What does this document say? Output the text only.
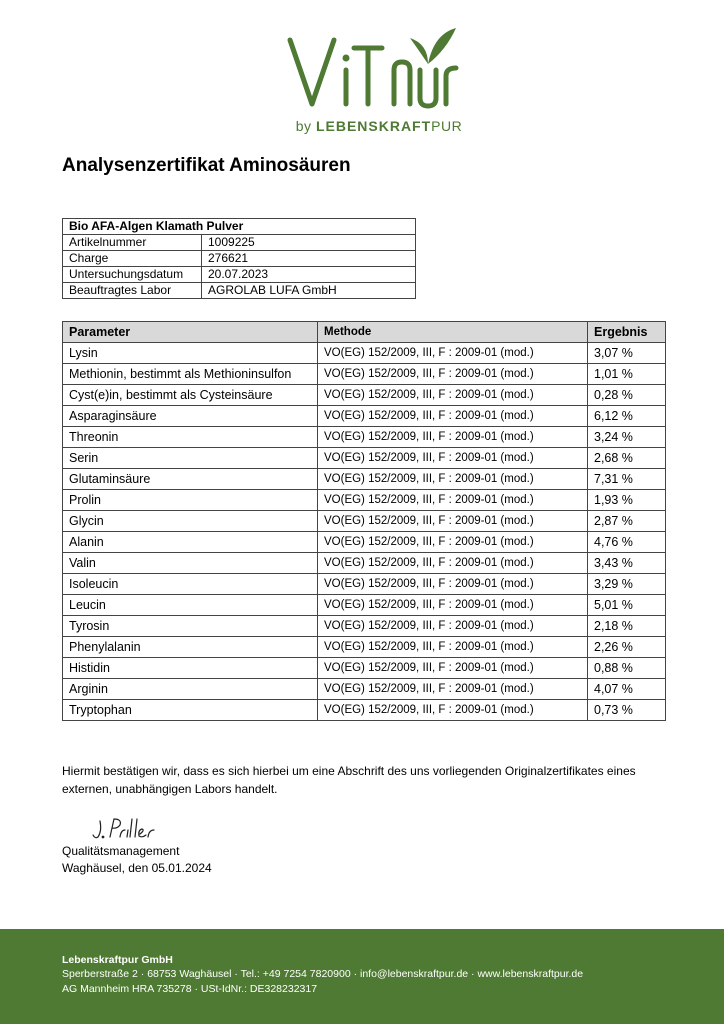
by LEBENSKRAFTPUR
Analysenzertifikat Aminosäuren
Bio AFA-Algen Klamath Pulver	
Artikelnummer	1009225
Charge	276621
Untersuchungsdatum	20.07.2023
Beauftragtes Labor	AGROLAB LUFA GmbH
Parameter	Methode	Ergebnis
Lysin	VO(EG) 152/2009, III, F : 2009-01 (mod.)	3,07 %
Methionin, bestimmt als Methioninsulfon	VO(EG) 152/2009, III, F : 2009-01 (mod.)	1,01 %
Cyst(e)in, bestimmt als Cysteinsäure	VO(EG) 152/2009, III, F : 2009-01 (mod.)	0,28 %
Asparaginsäure	VO(EG) 152/2009, III, F : 2009-01 (mod.)	6,12 %
Threonin	VO(EG) 152/2009, III, F : 2009-01 (mod.)	3,24 %
Serin	VO(EG) 152/2009, III, F : 2009-01 (mod.)	2,68 %
Glutaminsäure	VO(EG) 152/2009, III, F : 2009-01 (mod.)	7,31 %
Prolin	VO(EG) 152/2009, III, F : 2009-01 (mod.)	1,93 %
Glycin	VO(EG) 152/2009, III, F : 2009-01 (mod.)	2,87 %
Alanin	VO(EG) 152/2009, III, F : 2009-01 (mod.)	4,76 %
Valin	VO(EG) 152/2009, III, F : 2009-01 (mod.)	3,43 %
Isoleucin	VO(EG) 152/2009, III, F : 2009-01 (mod.)	3,29 %
Leucin	VO(EG) 152/2009, III, F : 2009-01 (mod.)	5,01 %
Tyrosin	VO(EG) 152/2009, III, F : 2009-01 (mod.)	2,18 %
Phenylalanin	VO(EG) 152/2009, III, F : 2009-01 (mod.)	2,26 %
Histidin	VO(EG) 152/2009, III, F : 2009-01 (mod.)	0,88 %
Arginin	VO(EG) 152/2009, III, F : 2009-01 (mod.)	4,07 %
Tryptophan	VO(EG) 152/2009, III, F : 2009-01 (mod.)	0,73 %

Hiermit bestätigen wir, dass es sich hierbei um eine Abschrift des uns vorliegenden Originalzertifikates eines externen, unabhängigen Labors handelt.

Qualitätsmanagement
Waghäusel, den 05.01.2024
Lebenskraftpur GmbH
Sperberstraße 2 · 68753 Waghäusel · Tel.: +49 7254 7820900 · info@lebenskraftpur.de · www.lebenskraftpur.de
AG Mannheim HRA 735278 · USt-IdNr.: DE328232317
